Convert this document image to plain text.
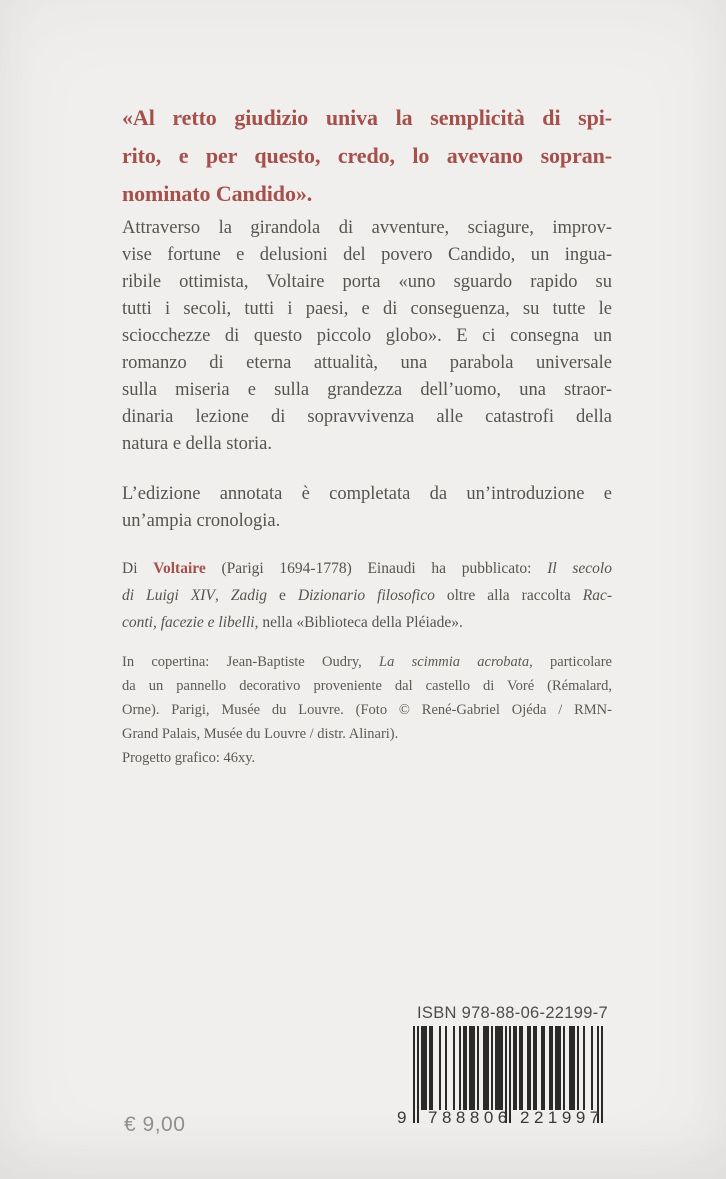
«Al retto giudizio univa la semplicità di spi-
rito, e per questo, credo, lo avevano sopran-
nominato Candido».
Attraverso la girandola di avventure, sciagure, improv-
vise fortune e delusioni del povero Candido, un ingua-
ribile ottimista, Voltaire porta «uno sguardo rapido su
tutti i secoli, tutti i paesi, e di conseguenza, su tutte le
sciocchezze di questo piccolo globo». E ci consegna un
romanzo di eterna attualità, una parabola universale
sulla miseria e sulla grandezza dell’uomo, una straor-
dinaria lezione di sopravvivenza alle catastrofi della
natura e della storia.
L’edizione annotata è completata da un’introduzione e
un’ampia cronologia.
Di Voltaire (Parigi 1694-1778) Einaudi ha pubblicato: Il secolo
di Luigi XIV, Zadig e Dizionario filosofico oltre alla raccolta Rac-
conti, facezie e libelli, nella «Biblioteca della Pléiade».
In copertina: Jean-Baptiste Oudry, La scimmia acrobata, particolare
da un pannello decorativo proveniente dal castello di Voré (Rémalard,
Orne). Parigi, Musée du Louvre. (Foto © René-Gabriel Ojéda / RMN-
Grand Palais, Musée du Louvre / distr. Alinari).
Progetto grafico: 46xy.
ISBN 978-88-06-22199-7
9 788806 221997
€ 9,00
